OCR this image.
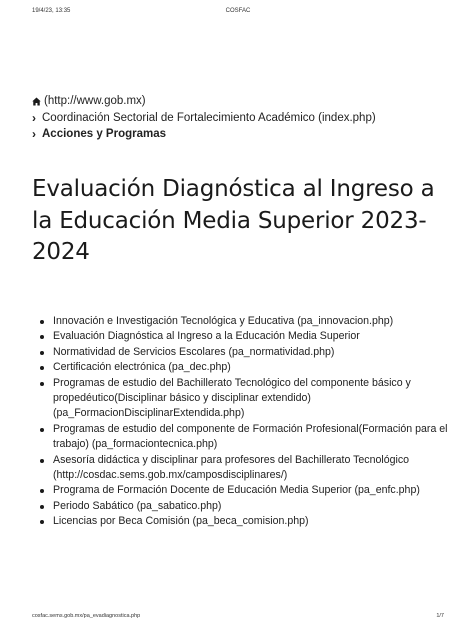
19/4/23, 13:35	COSFAC
(http://www.gob.mx)
› Coordinación Sectorial de Fortalecimiento Académico (index.php)
› Acciones y Programas
Evaluación Diagnóstica al Ingreso a la Educación Media Superior 2023-2024
Innovación e Investigación Tecnológica y Educativa (pa_innovacion.php)
Evaluación Diagnóstica al Ingreso a la Educación Media Superior
Normatividad de Servicios Escolares (pa_normatividad.php)
Certificación electrónica (pa_dec.php)
Programas de estudio del Bachillerato Tecnológico del componente básico y propedéutico(Disciplinar básico y disciplinar extendido) (pa_FormacionDisciplinarExtendida.php)
Programas de estudio del componente de Formación Profesional(Formación para el trabajo) (pa_formaciontecnica.php)
Asesoría didáctica y disciplinar para profesores del Bachillerato Tecnológico (http://cosdac.sems.gob.mx/camposdisciplinares/)
Programa de Formación Docente de Educación Media Superior (pa_enfc.php)
Periodo Sabático (pa_sabatico.php)
Licencias por Beca Comisión (pa_beca_comision.php)
cosfac.sems.gob.mx/pa_evadiagnostica.php	1/7
